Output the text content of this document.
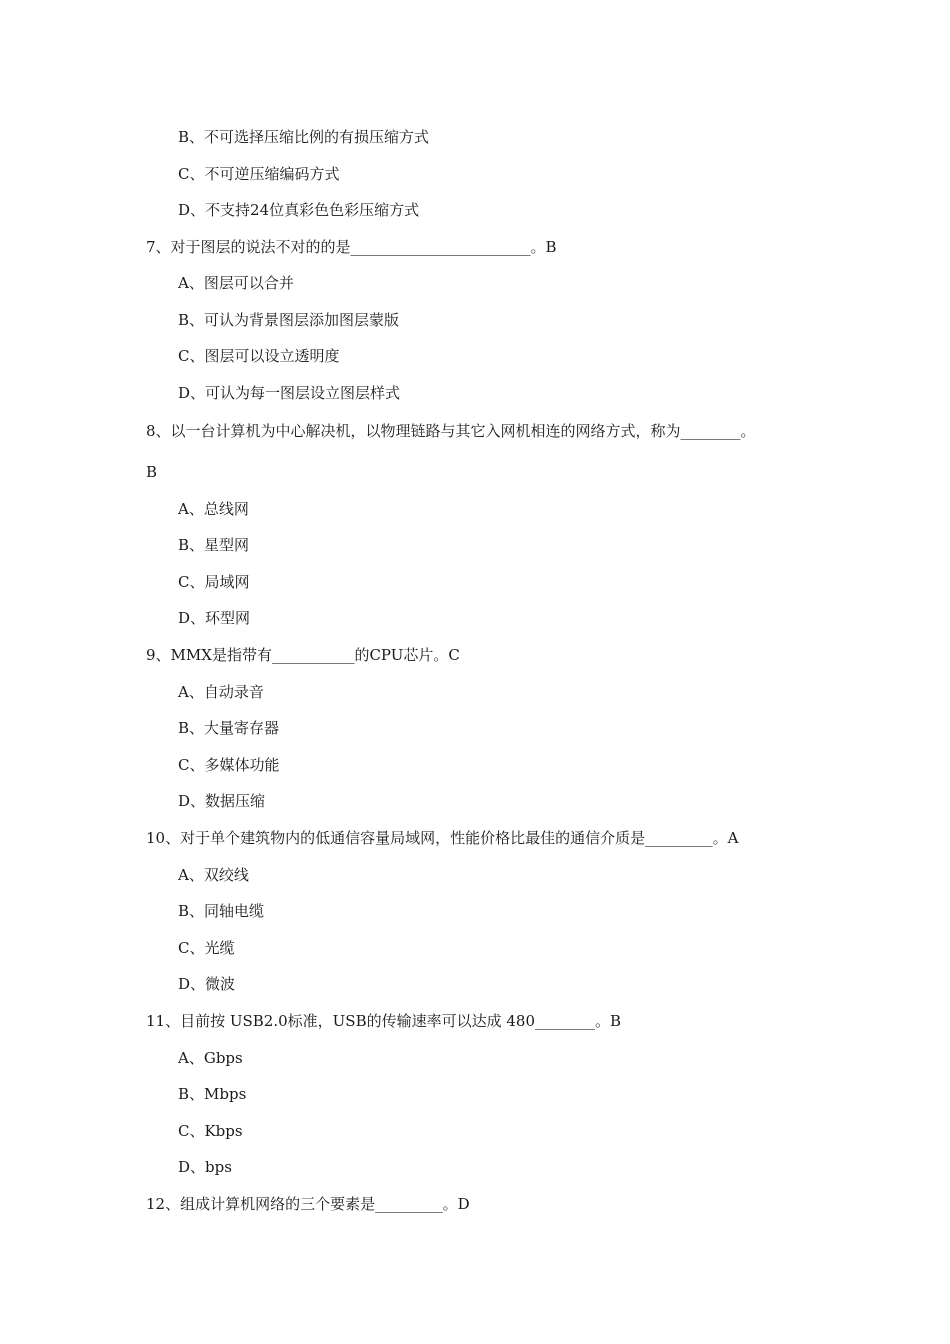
B、不可选择压缩比例的有损压缩方式
C、不可逆压缩编码方式
D、不支持24位真彩色色彩压缩方式
7、对于图层的说法不对的的是________________________。B
A、图层可以合并
B、可认为背景图层添加图层蒙版
C、图层可以设立透明度
D、可认为每一图层设立图层样式
8、以一台计算机为中心解决机，以物理链路与其它入网机相连的网络方式，称为________。
B
A、总线网
B、星型网
C、局域网
D、环型网
9、MMX是指带有___________的CPU芯片。C
A、自动录音
B、大量寄存器
C、多媒体功能
D、数据压缩
10、对于单个建筑物内的低通信容量局域网，性能价格比最佳的通信介质是_________。A
A、双绞线
B、同轴电缆
C、光缆
D、微波
11、目前按 USB2.0标准，USB的传输速率可以达成 480________。B
A、Gbps
B、Mbps
C、Kbps
D、bps
12、组成计算机网络的三个要素是_________。D
